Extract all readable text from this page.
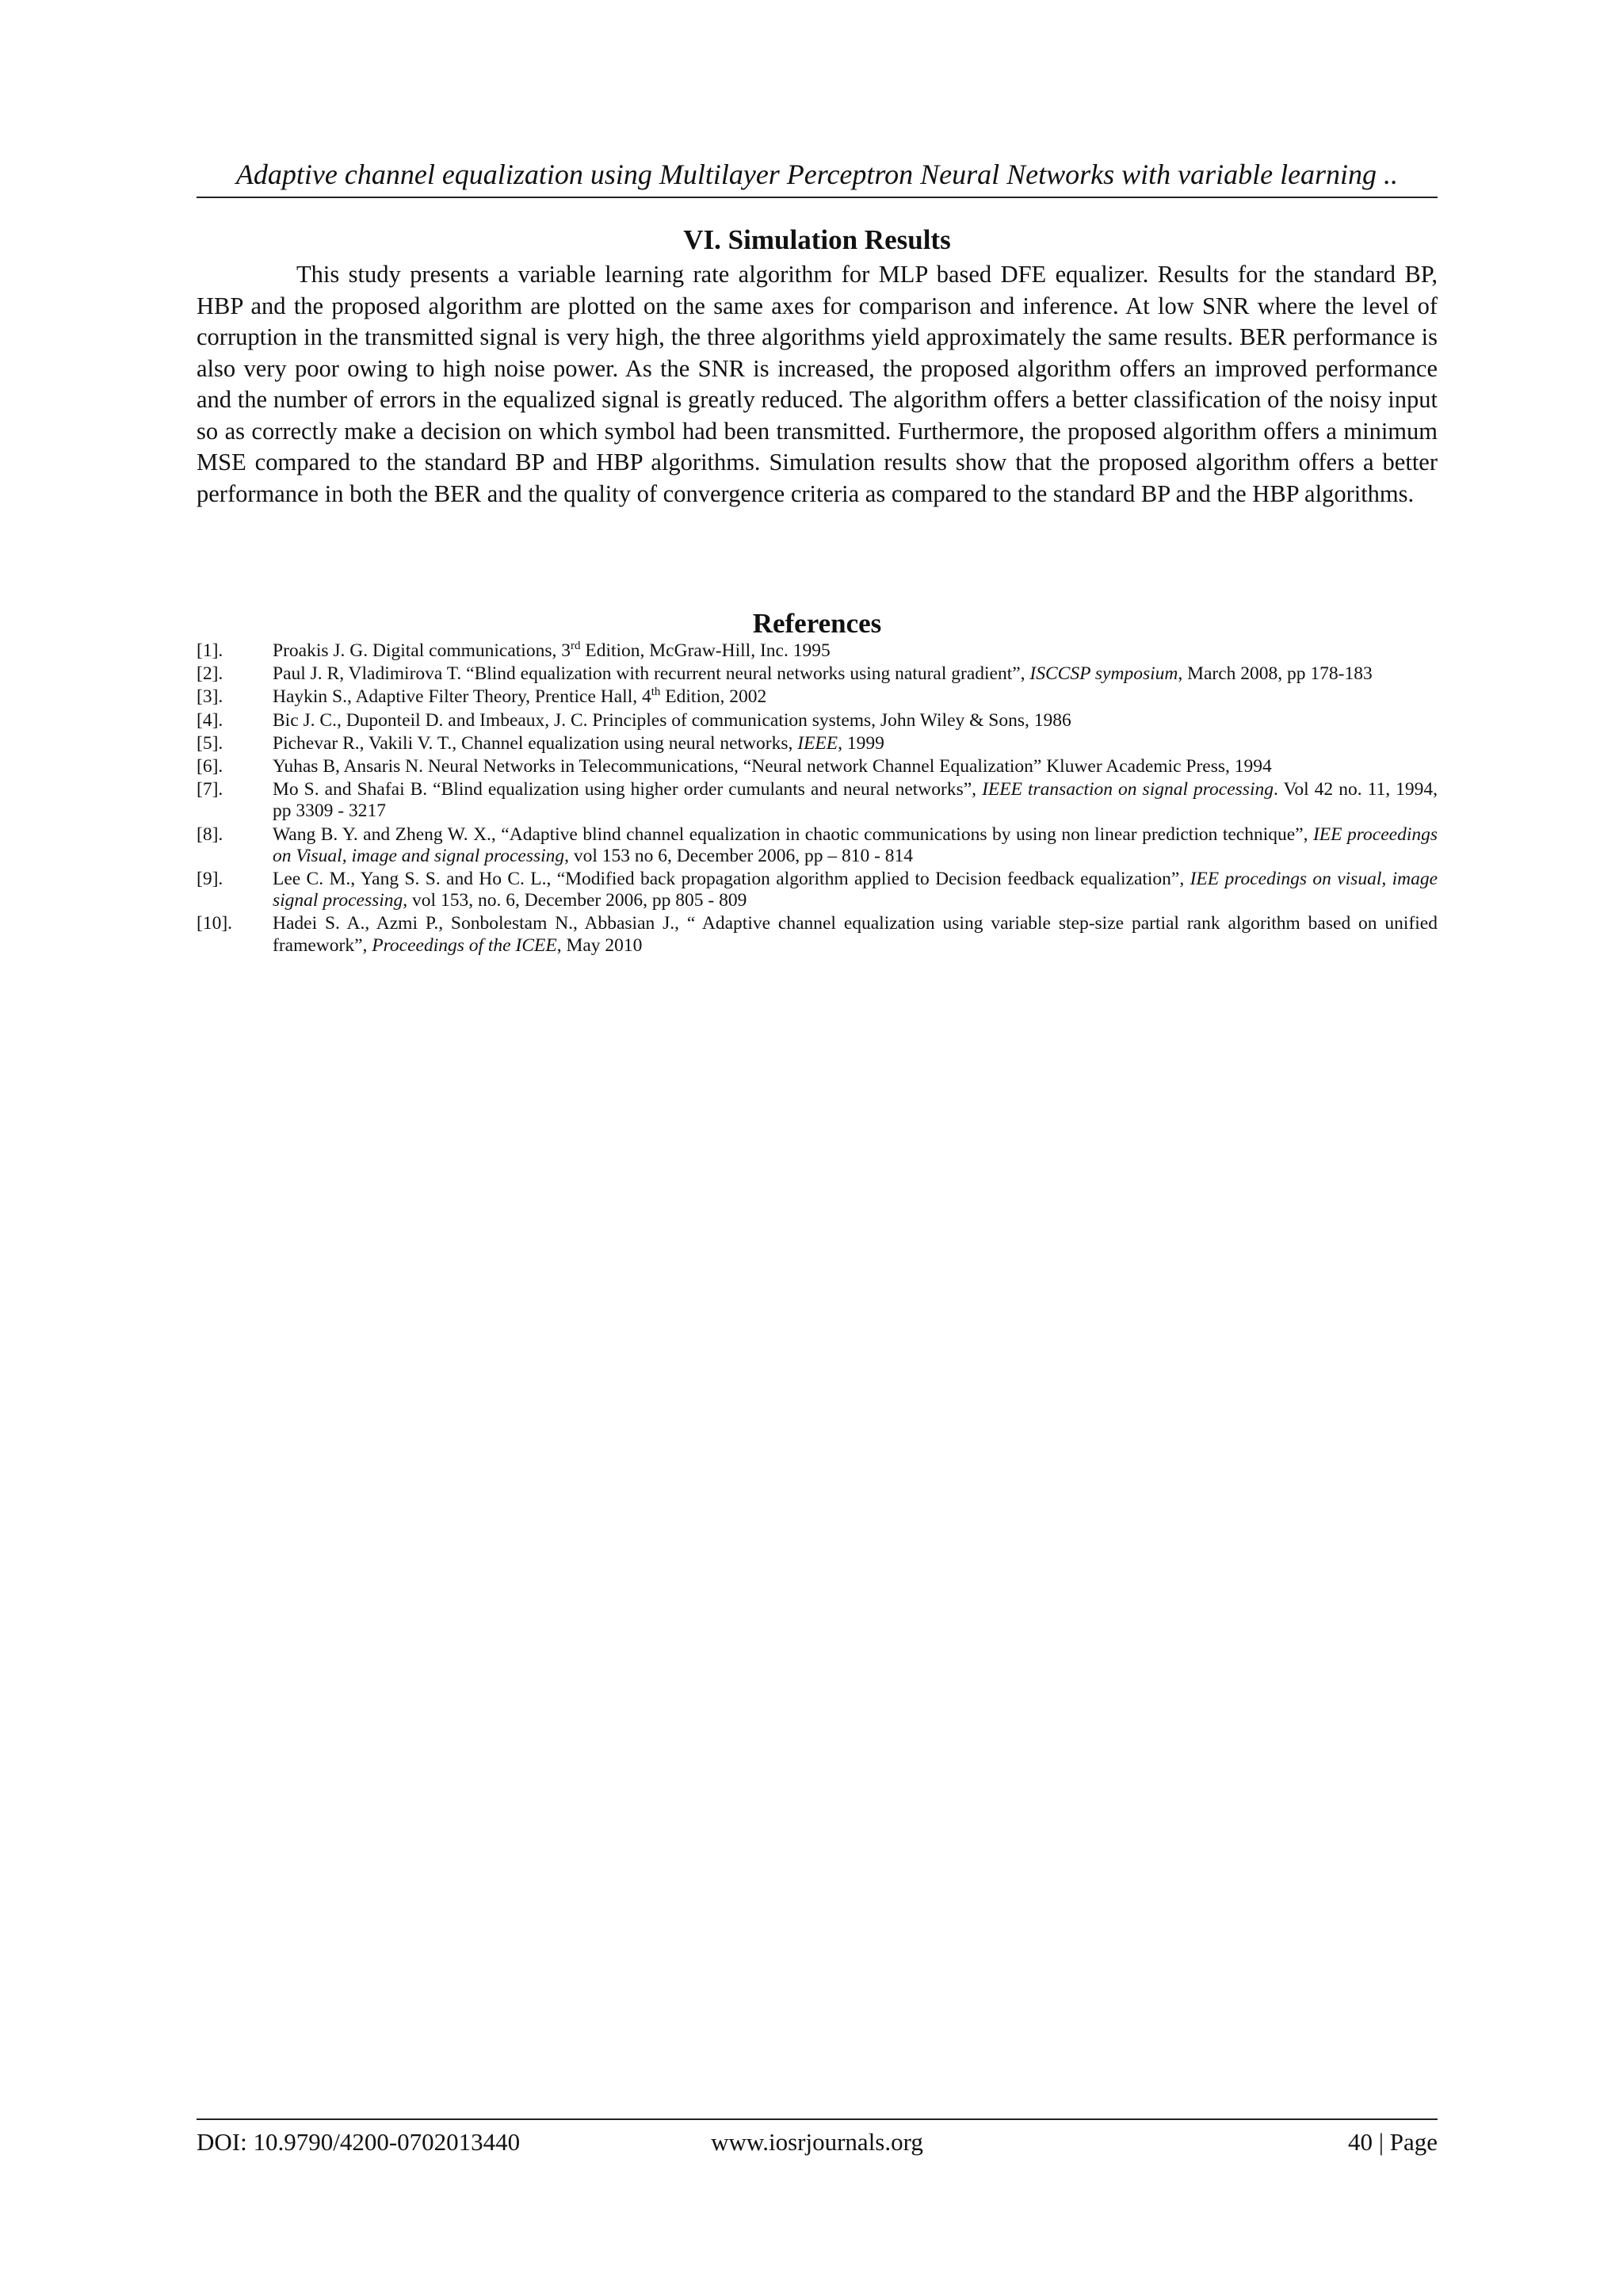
Adaptive channel equalization using Multilayer Perceptron Neural Networks with variable learning ..
VI. Simulation Results

This study presents a variable learning rate algorithm for MLP based DFE equalizer. Results for the standard BP, HBP and the proposed algorithm are plotted on the same axes for comparison and inference. At low SNR where the level of corruption in the transmitted signal is very high, the three algorithms yield approximately the same results. BER performance is also very poor owing to high noise power. As the SNR is increased, the proposed algorithm offers an improved performance and the number of errors in the equalized signal is greatly reduced. The algorithm offers a better classification of the noisy input so as correctly make a decision on which symbol had been transmitted. Furthermore, the proposed algorithm offers a minimum MSE compared to the standard BP and HBP algorithms. Simulation results show that the proposed algorithm offers a better performance in both the BER and the quality of convergence criteria as compared to the standard BP and the HBP algorithms.

References
[1].	Proakis J. G. Digital communications, 3rd Edition, McGraw-Hill, Inc. 1995
[2].	Paul J. R, Vladimirova T. “Blind equalization with recurrent neural networks using natural gradient”, ISCCSP symposium, March 2008, pp 178-183
[3].	Haykin S., Adaptive Filter Theory, Prentice Hall, 4th Edition, 2002
[4].	Bic J. C., Duponteil D. and Imbeaux, J. C. Principles of communication systems, John Wiley & Sons, 1986
[5].	Pichevar R., Vakili V. T., Channel equalization using neural networks, IEEE, 1999
[6].	Yuhas B, Ansaris N. Neural Networks in Telecommunications, “Neural network Channel Equalization” Kluwer Academic Press, 1994
[7].	Mo S. and Shafai B. “Blind equalization using higher order cumulants and neural networks”, IEEE transaction on signal processing. Vol 42 no. 11, 1994, pp 3309 - 3217
[8].	Wang B. Y. and Zheng W. X., “Adaptive blind channel equalization in chaotic communications by using non linear prediction technique”, IEE proceedings on Visual, image and signal processing, vol 153 no 6, December 2006, pp – 810 - 814
[9].	Lee C. M., Yang S. S. and Ho C. L., “Modified back propagation algorithm applied to Decision feedback equalization”, IEE procedings on visual, image signal processing, vol 153, no. 6, December 2006, pp 805 - 809
[10].	Hadei S. A., Azmi P., Sonbolestam N., Abbasian J., “ Adaptive channel equalization using variable step-size partial rank algorithm based on unified framework”, Proceedings of the ICEE, May 2010
DOI: 10.9790/4200-0702013440	www.iosrjournals.org	40 | Page
